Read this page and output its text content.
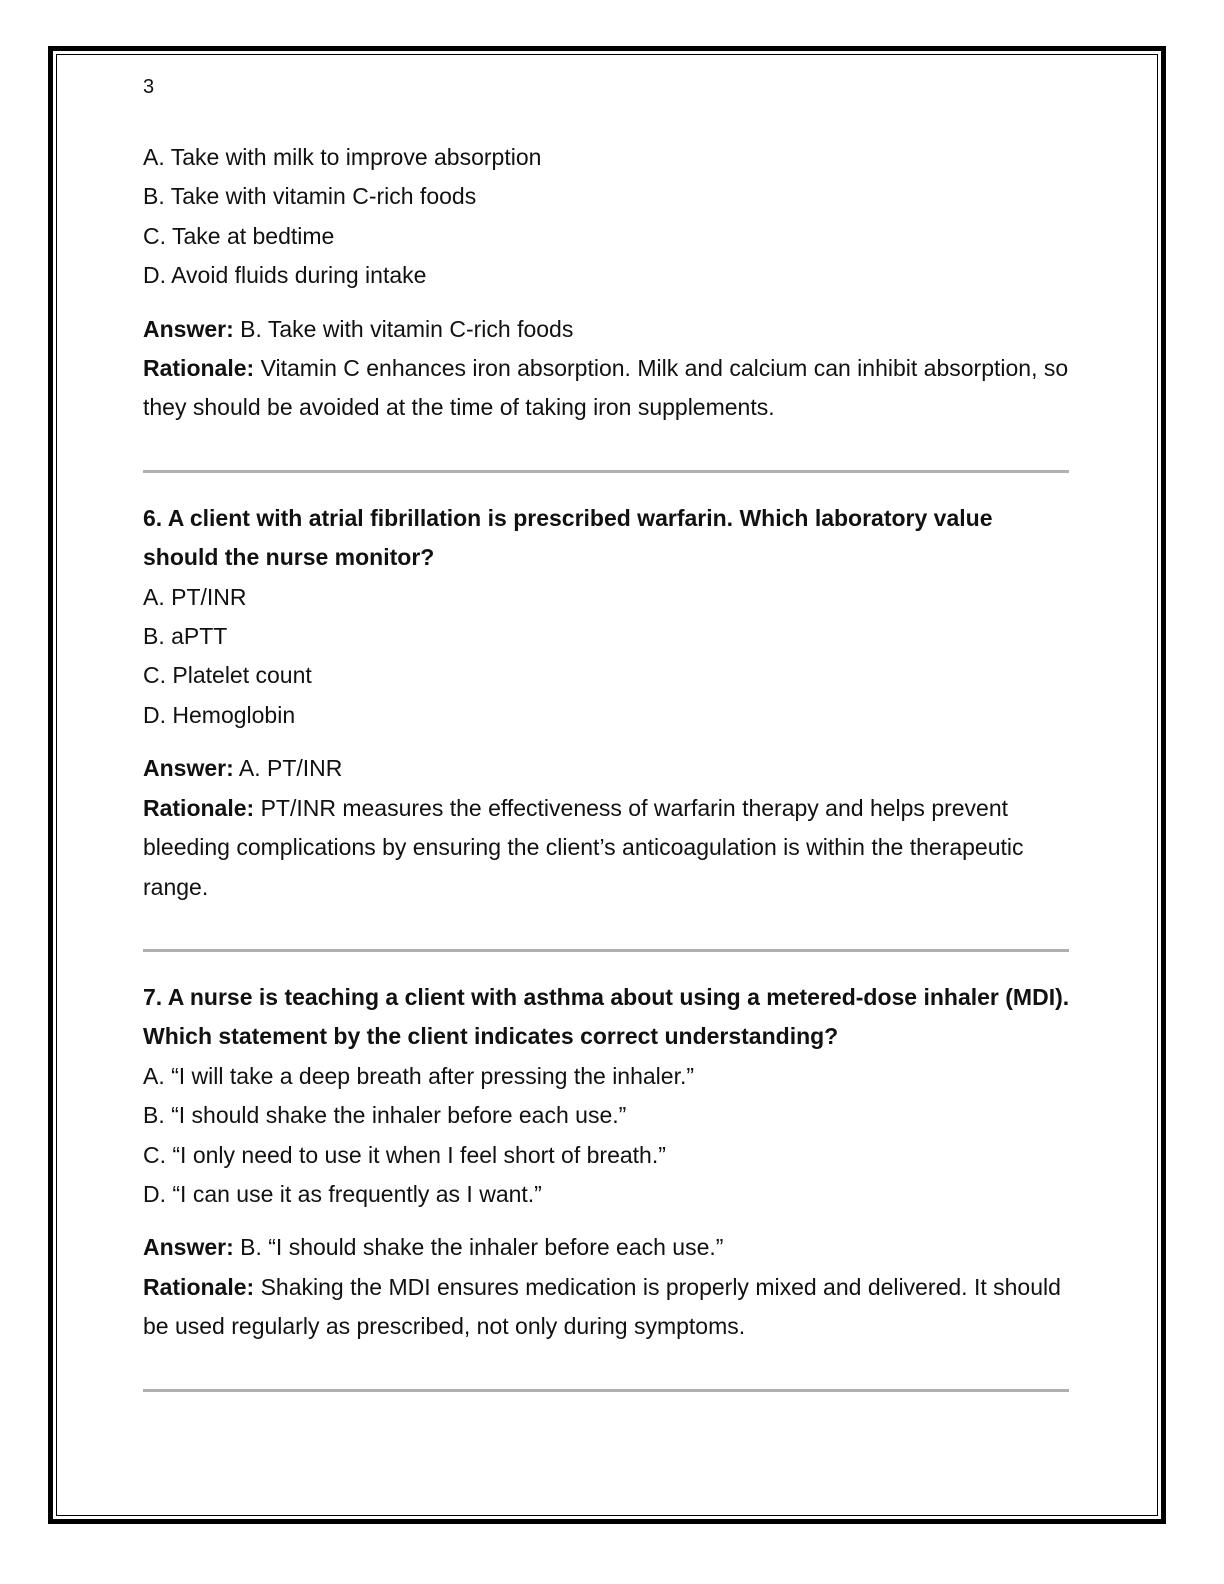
3

A. Take with milk to improve absorption

B. Take with vitamin C-rich foods

C. Take at bedtime

D. Avoid fluids during intake

Answer: B. Take with vitamin C-rich foods

Rationale: Vitamin C enhances iron absorption. Milk and calcium can inhibit absorption, so they should be avoided at the time of taking iron supplements.

6. A client with atrial fibrillation is prescribed warfarin. Which laboratory value should the nurse monitor?

A. PT/INR

B. aPTT

C. Platelet count

D. Hemoglobin

Answer: A. PT/INR

Rationale: PT/INR measures the effectiveness of warfarin therapy and helps prevent bleeding complications by ensuring the client’s anticoagulation is within the therapeutic range.

7. A nurse is teaching a client with asthma about using a metered-dose inhaler (MDI). Which statement by the client indicates correct understanding?

A. “I will take a deep breath after pressing the inhaler.”

B. “I should shake the inhaler before each use.”

C. “I only need to use it when I feel short of breath.”

D. “I can use it as frequently as I want.”

Answer: B. “I should shake the inhaler before each use.”

Rationale: Shaking the MDI ensures medication is properly mixed and delivered. It should be used regularly as prescribed, not only during symptoms.
